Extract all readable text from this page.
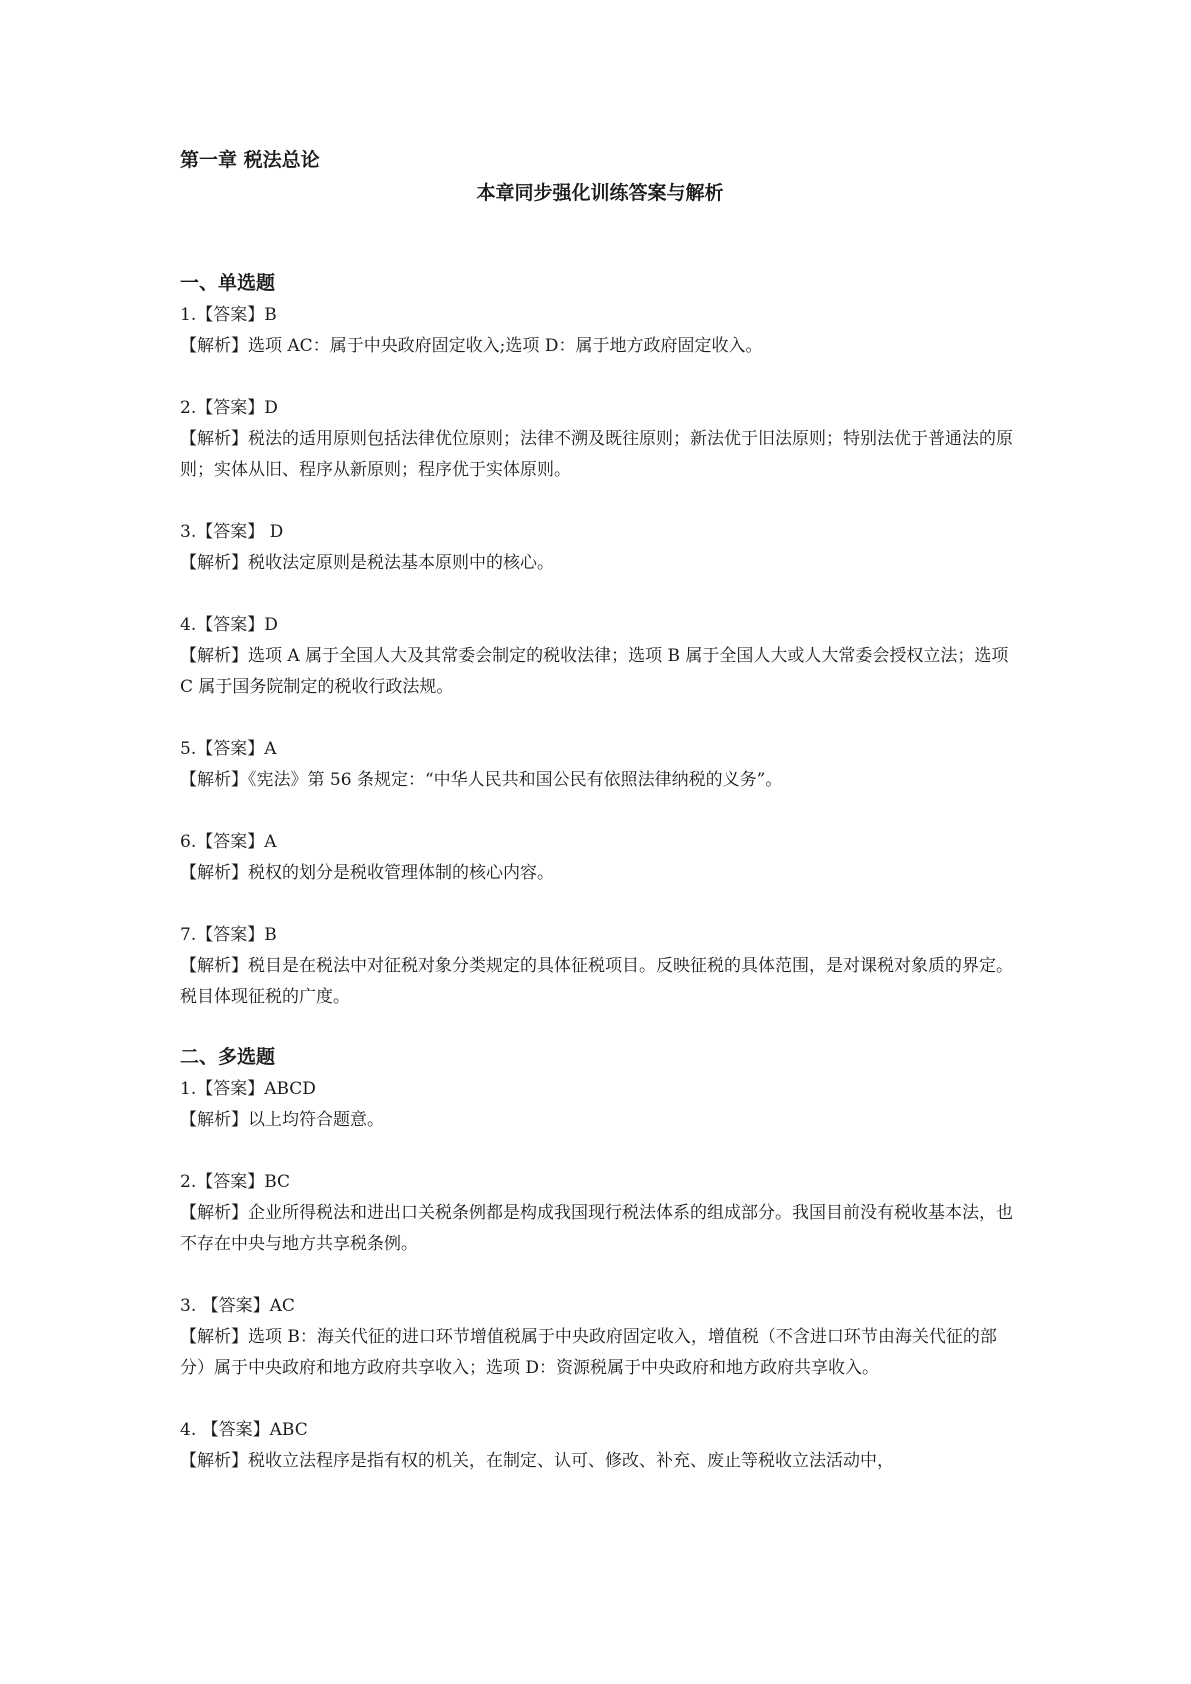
第一章 税法总论
本章同步强化训练答案与解析
一、单选题
1.【答案】B
【解析】选项 AC：属于中央政府固定收入;选项 D：属于地方政府固定收入。
2.【答案】D
【解析】税法的适用原则包括法律优位原则；法律不溯及既往原则；新法优于旧法原则；特别法优于普通法的原则；实体从旧、程序从新原则；程序优于实体原则。
3.【答案】 D
【解析】税收法定原则是税法基本原则中的核心。
4.【答案】D
【解析】选项 A 属于全国人大及其常委会制定的税收法律；选项 B 属于全国人大或人大常委会授权立法；选项 C 属于国务院制定的税收行政法规。
5.【答案】A
【解析】《宪法》第 56 条规定：“中华人民共和国公民有依照法律纳税的义务”。
6.【答案】A
【解析】税权的划分是税收管理体制的核心内容。
7.【答案】B
【解析】税目是在税法中对征税对象分类规定的具体征税项目。反映征税的具体范围，是对课税对象质的界定。税目体现征税的广度。
二、多选题
1.【答案】ABCD
【解析】以上均符合题意。
2.【答案】BC
【解析】企业所得税法和进出口关税条例都是构成我国现行税法体系的组成部分。我国目前没有税收基本法，也不存在中央与地方共享税条例。
3. 【答案】AC
【解析】选项 B：海关代征的进口环节增值税属于中央政府固定收入，增值税（不含进口环节由海关代征的部分）属于中央政府和地方政府共享收入；选项 D：资源税属于中央政府和地方政府共享收入。
4. 【答案】ABC
【解析】税收立法程序是指有权的机关，在制定、认可、修改、补充、废止等税收立法活动中，
